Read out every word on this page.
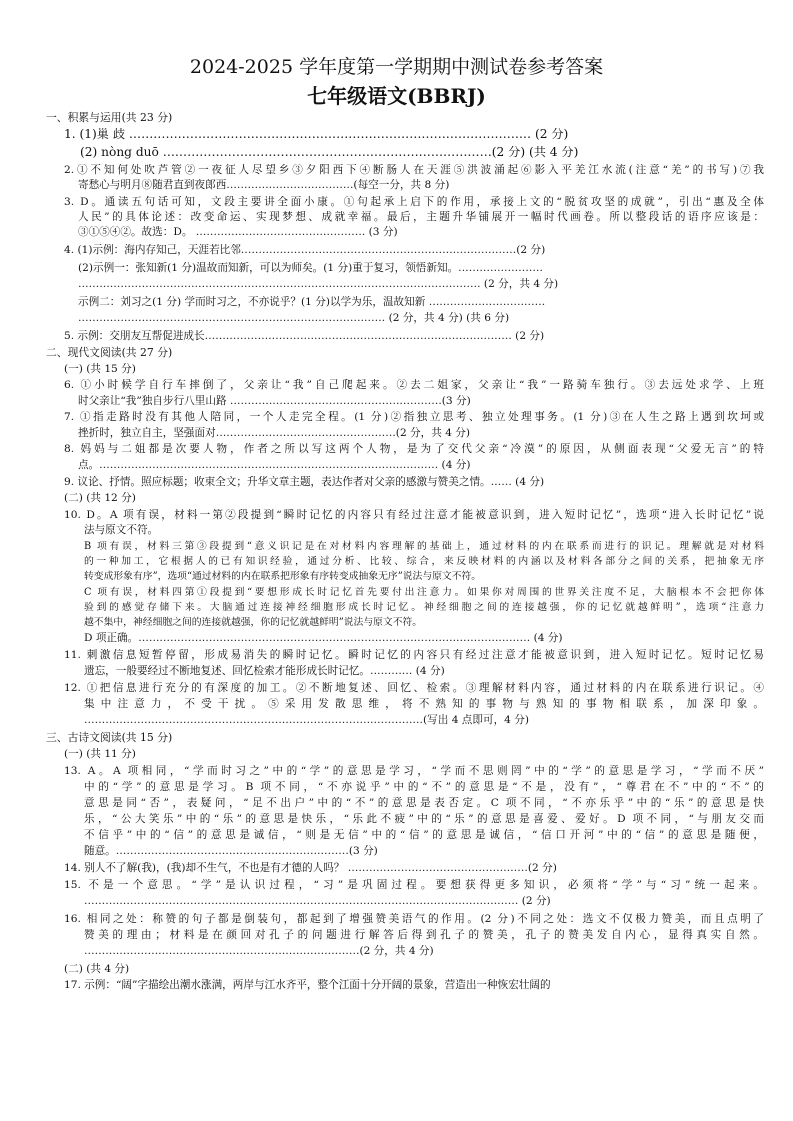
2024-2025 学年度第一学期期中测试卷参考答案
七年级语文(BBRJ)
一、积累与运用(共 23 分)
1. (1)巢 歧 ……………………………………………………………………………………… (2 分)
(2) nòng duō ………………………………………………………………………(2 分) (共 4 分)
2.①不知何处吹芦管②一夜征人尽望乡③夕阳西下④断肠人在天涯⑤洪波涌起⑥影入平羌江水流(注意“羌”的书写)⑦我
寄愁心与明月⑧随君直到夜郎西………………………………(每空一分，共 8 分)
3. D。通读五句话可知，文段主要讲全面小康。①句起承上启下的作用，承接上文的“脱贫攻坚的成就”，引出“惠及全体
人民”的具体论述：改变命运、实现梦想、成就幸福。最后，主题升华铺展开一幅时代画卷。所以整段话的语序应该是：
③①⑤④②。故选：D。 ………………………………………… (3 分)
4. (1)示例：海内存知己，天涯若比邻……………………………………………………………………(2 分)
(2)示例一：张知新(1 分)温故而知新，可以为师矣。(1 分)重于复习，领悟新知。……………………
…………………………………………………………………………………………………… (2 分，共 4 分)
示例二：刘习之(1 分) 学而时习之，不亦说乎？(1 分)以学为乐，温故知新 ……………………………
…………………………………………………………………………… (2 分，共 4 分) (共 6 分)
5. 示例：交朋友互帮促进成长…………………………………………………………………………… (2 分)
二、现代文阅读(共 27 分)
(一) (共 15 分)
6. ①小时候学自行车摔倒了，父亲让“我”自己爬起来。②去二姐家，父亲让“我”一路骑车独行。③去远处求学、上班
时父亲让“我”独自步行八里山路 ……………………………………………………(3 分)
7. ①指走路时没有其他人陪同，一个人走完全程。(1 分)②指独立思考、独立处理事务。(1 分)③在人生之路上遇到坎坷或
挫折时，独立自主，坚强面对……………………………………………(2 分，共 4 分)
8. 妈妈与二姐都是次要人物，作者之所以写这两个人物，是为了交代父亲“冷漠”的原因，从侧面表现“父爱无言”的特
点。…………………………………………………………………………………… (4 分)
9. 议论、抒情。照应标题；收束全文；升华文章主题，表达作者对父亲的感激与赞美之情。…… (4 分)
(二) (共 12 分)
10. D。A 项有误，材料一第②段提到“瞬时记忆的内容只有经过注意才能被意识到，进入短时记忆”，选项“进入长时记忆”说
法与原文不符。
B 项有误，材料三第③段提到“意义识记是在对材料内容理解的基础上，通过材料的内在联系而进行的识记。理解就是对材料
的一种加工，它根据人的已有知识经验，通过分析、比较、综合，来反映材料的内涵以及材料各部分之间的关系，把抽象无序
转变成形象有序”，选项“通过材料的内在联系把形象有序转变成抽象无序”说法与原文不符。
C 项有误，材料四第①段提到“要想形成长时记忆首先要付出注意力。如果你对周围的世界关注度不足，大脑根本不会把你体
验到的感觉存储下来。大脑通过连接神经细胞形成长时记忆。神经细胞之间的连接越强，你的记忆就越鲜明”，选项“注意力
越不集中，神经细胞之间的连接就越强，你的记忆就越鲜明”说法与原文不符。
D 项正确。………………………………………………………………………………………………… (4 分)
11. 刺激信息短暂停留，形成易消失的瞬时记忆。瞬时记忆的内容只有经过注意才能被意识到，进入短时记忆。短时记忆易
遗忘，一般要经过不断地复述、回忆检索才能形成长时记忆。………… (4 分)
12. ①把信息进行充分的有深度的加工。②不断地复述、回忆、检索。③理解材料内容，通过材料的内在联系进行识记。④
集 中 注 意 力 ， 不 受 干 扰 。 ⑤ 采 用 发 散 思 维 ， 将 不 熟 知 的 事 物 与 熟 知 的 事 物 相 联 系 ， 加 深 印 象 。
……………………………………………………………………………………(写出 4 点即可，4 分)
三、古诗文阅读(共 15 分)
(一) (共 11 分)
13. A。A 项相同，“学而时习之”中的“学”的意思是学习，“学而不思则罔”中的“学”的意思是学习，“学而不厌”
中的“学”的意思是学习。B 项不同，“不亦说乎”中的“不”的意思是“不是，没有”，“尊君在不”中的“不”的
意思是同“否”，表疑问，“足不出户”中的“不”的意思是表否定。C 项不同，“不亦乐乎”中的“乐”的意思是快
乐，“公大笑乐”中的“乐”的意思是快乐，“乐此不疲”中的“乐”的意思是喜爱、爱好。D 项不同，“与朋友交而
不信乎”中的“信”的意思是诚信，“则是无信”中的“信”的意思是诚信，“信口开河”中的“信”的意思是随便，
随意。…………………………………………………………(3 分)
14. 别人不了解(我)，(我)却不生气，不也是有才德的人吗？ ……………………………………………(2 分)
15. 不是一个意思。“学”是认识过程，“习”是巩固过程。要想获得更多知识，必须将“学”与“习”统一起来。
…………………………………………………………………………………………………………… (2 分)
16. 相同之处：称赞的句子都是倒装句，都起到了增强赞美语气的作用。(2 分)不同之处：选文不仅极力赞美，而且点明了
赞美的理由；材料是在颜回对孔子的问题进行解答后得到孔子的赞美，孔子的赞美发自内心，显得真实自然。
……………………………………………………………………(2 分，共 4 分)
(二) (共 4 分)
17. 示例：“阔”字描绘出潮水涨满，两岸与江水齐平，整个江面十分开阔的景象，营造出一种恢宏壮阔的
